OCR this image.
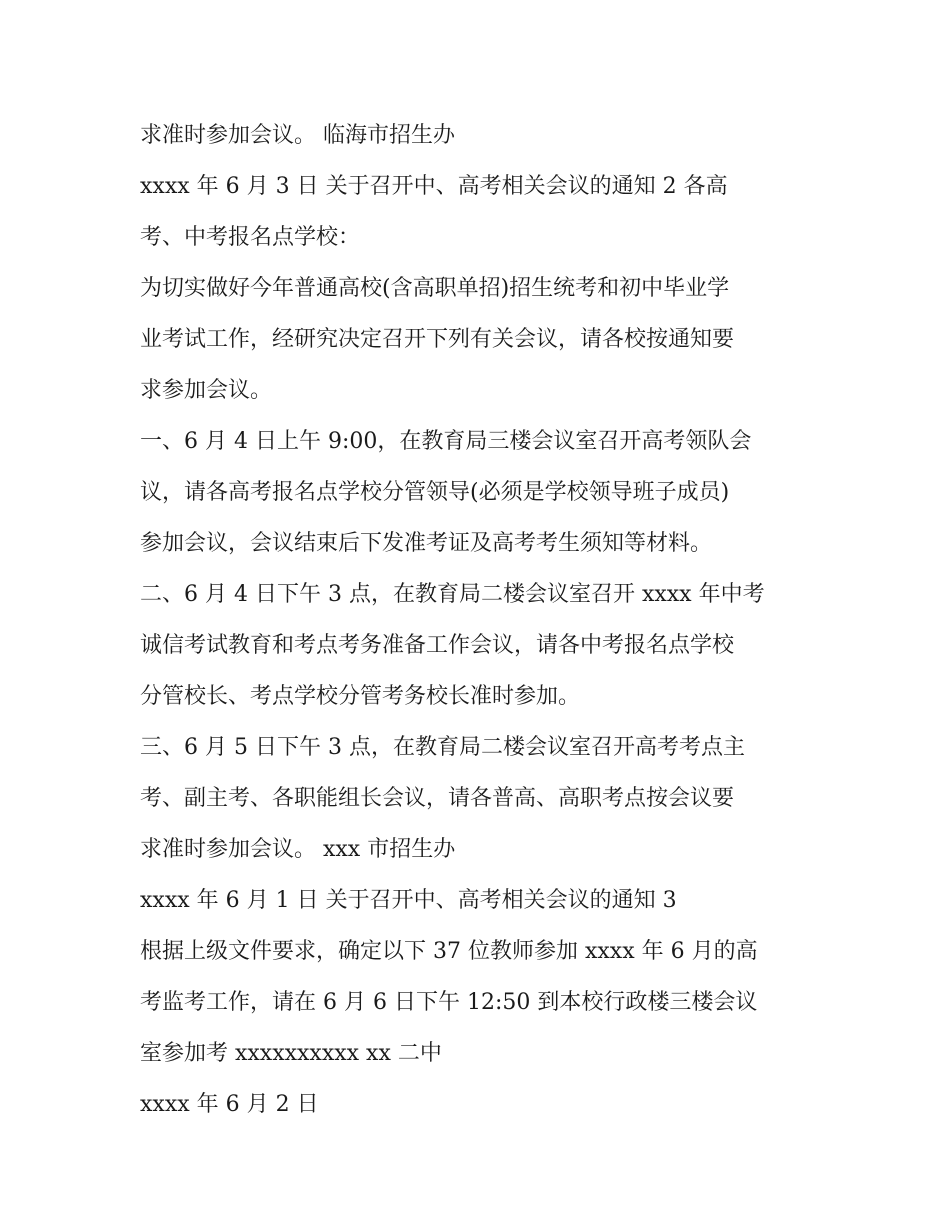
求准时参加会议。 临海市招生办
xxxx 年 6 月 3 日 关于召开中、高考相关会议的通知 2 各高
考、中考报名点学校：
为切实做好今年普通高校(含高职单招)招生统考和初中毕业学
业考试工作，经研究决定召开下列有关会议，请各校按通知要
求参加会议。
一、6 月 4 日上午 9:00，在教育局三楼会议室召开高考领队会
议，请各高考报名点学校分管领导(必须是学校领导班子成员)
参加会议，会议结束后下发准考证及高考考生须知等材料。
二、6 月 4 日下午 3 点，在教育局二楼会议室召开 xxxx 年中考
诚信考试教育和考点考务准备工作会议，请各中考报名点学校
分管校长、考点学校分管考务校长准时参加。
三、6 月 5 日下午 3 点，在教育局二楼会议室召开高考考点主
考、副主考、各职能组长会议，请各普高、高职考点按会议要
求准时参加会议。 xxx 市招生办
xxxx 年 6 月 1 日 关于召开中、高考相关会议的通知 3
根据上级文件要求，确定以下 37 位教师参加 xxxx 年 6 月的高
考监考工作，请在 6 月 6 日下午 12:50 到本校行政楼三楼会议
室参加考 xxxxxxxxxx xx 二中
xxxx 年 6 月 2 日
